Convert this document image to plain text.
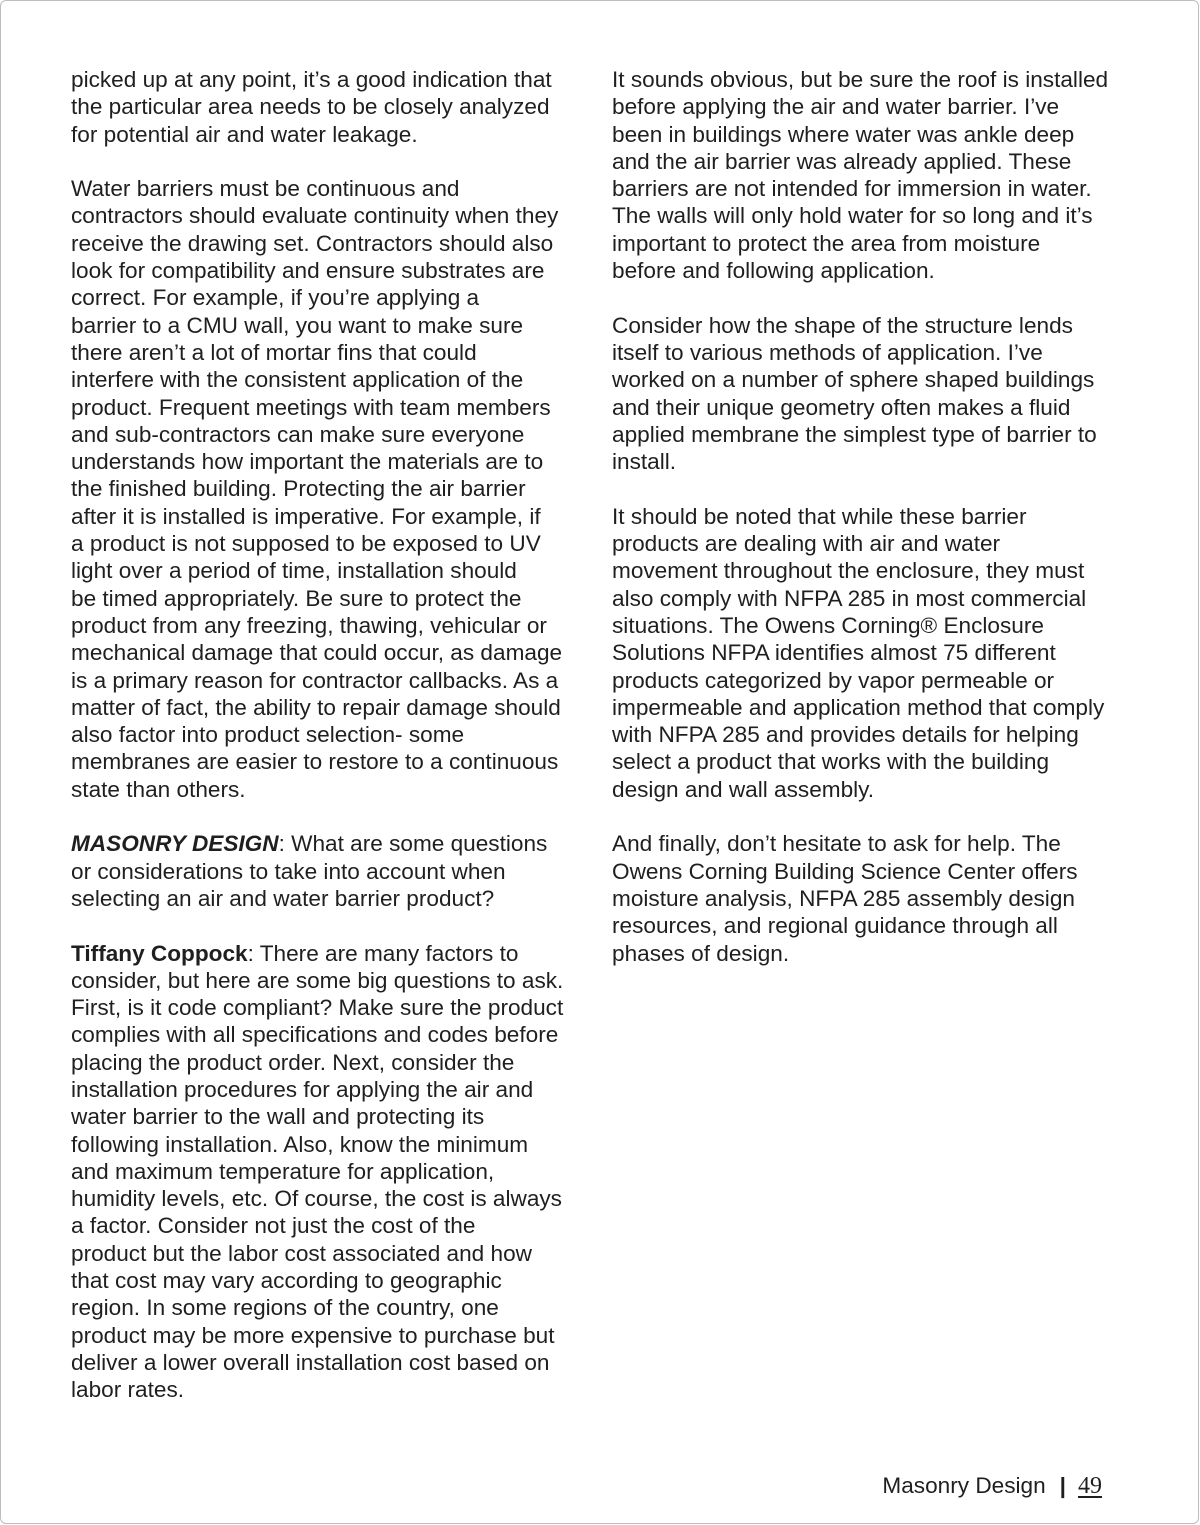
picked up at any point, it’s a good indication that
the particular area needs to be closely analyzed
for potential air and water leakage.

Water barriers must be continuous and
contractors should evaluate continuity when they
receive the drawing set. Contractors should also
look for compatibility and ensure substrates are
correct. For example, if you’re applying a
barrier to a CMU wall, you want to make sure
there aren’t a lot of mortar fins that could
interfere with the consistent application of the
product. Frequent meetings with team members
and sub-contractors can make sure everyone
understands how important the materials are to
the finished building. Protecting the air barrier
after it is installed is imperative. For example, if
a product is not supposed to be exposed to UV
light over a period of time, installation should
be timed appropriately. Be sure to protect the
product from any freezing, thawing, vehicular or
mechanical damage that could occur, as damage
is a primary reason for contractor callbacks. As a
matter of fact, the ability to repair damage should
also factor into product selection- some
membranes are easier to restore to a continuous
state than others.

MASONRY DESIGN: What are some questions
or considerations to take into account when
selecting an air and water barrier product?

Tiffany Coppock: There are many factors to
consider, but here are some big questions to ask.
First, is it code compliant? Make sure the product
complies with all specifications and codes before
placing the product order. Next, consider the
installation procedures for applying the air and
water barrier to the wall and protecting its
following installation. Also, know the minimum
and maximum temperature for application,
humidity levels, etc. Of course, the cost is always
a factor. Consider not just the cost of the
product but the labor cost associated and how
that cost may vary according to geographic
region. In some regions of the country, one
product may be more expensive to purchase but
deliver a lower overall installation cost based on
labor rates.

It sounds obvious, but be sure the roof is installed
before applying the air and water barrier. I’ve
been in buildings where water was ankle deep
and the air barrier was already applied. These
barriers are not intended for immersion in water.
The walls will only hold water for so long and it’s
important to protect the area from moisture
before and following application.

Consider how the shape of the structure lends
itself to various methods of application. I’ve
worked on a number of sphere shaped buildings
and their unique geometry often makes a fluid
applied membrane the simplest type of barrier to
install.

It should be noted that while these barrier
products are dealing with air and water
movement throughout the enclosure, they must
also comply with NFPA 285 in most commercial
situations. The Owens Corning® Enclosure
Solutions NFPA identifies almost 75 different
products categorized by vapor permeable or
impermeable and application method that comply
with NFPA 285 and provides details for helping
select a product that works with the building
design and wall assembly.

And finally, don’t hesitate to ask for help. The
Owens Corning Building Science Center offers
moisture analysis, NFPA 285 assembly design
resources, and regional guidance through all
phases of design.

Masonry Design | 49
